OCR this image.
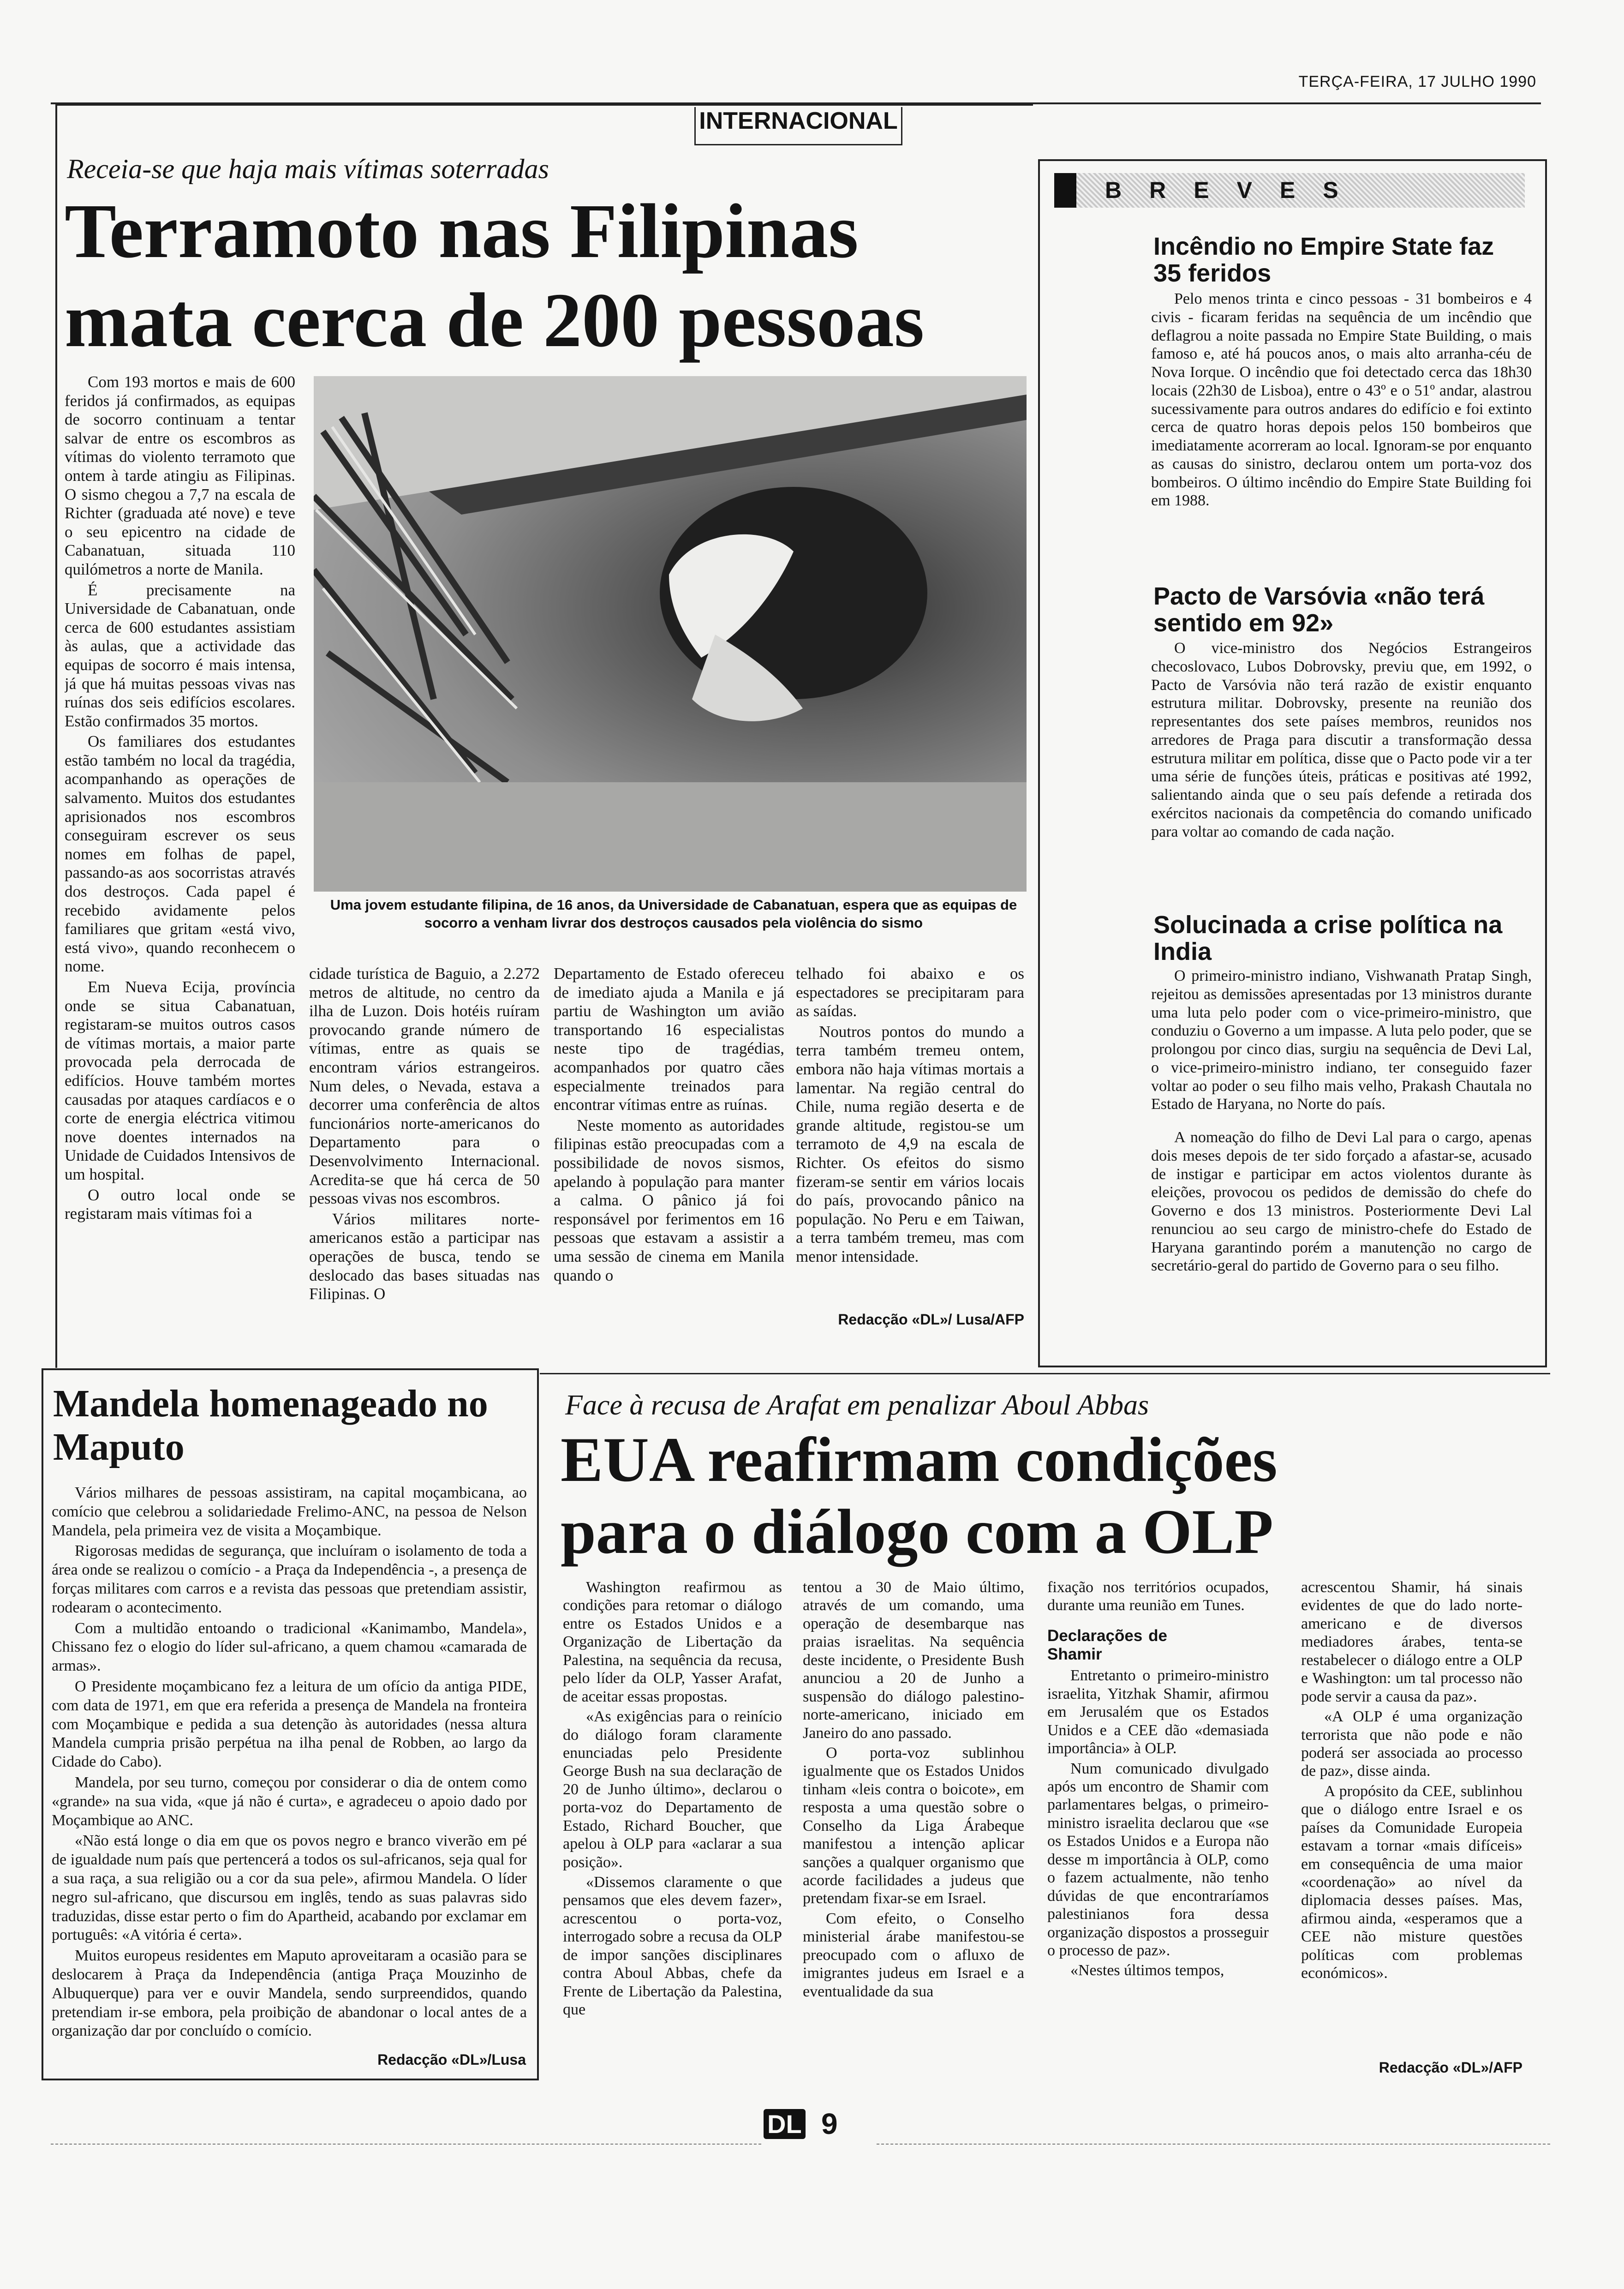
TERÇA-FEIRA, 17 JULHO 1990
INTERNACIONAL
Receia-se que haja mais vítimas soterradas
Terramoto nas Filipinas
mata cerca de 200 pessoas

Com 193 mortos e mais de 600 feridos já confirmados, as equipas de socorro continuam a tentar salvar de entre os escombros as vítimas do violento terramoto que ontem à tarde atingiu as Filipinas. O sismo chegou a 7,7 na escala de Richter (graduada até nove) e teve o seu epicentro na cidade de Cabanatuan, situada 110 quilómetros a norte de Manila.

É precisamente na Universidade de Cabanatuan, onde cerca de 600 estudantes assistiam às aulas, que a actividade das equipas de socorro é mais intensa, já que há muitas pessoas vivas nas ruínas dos seis edifícios escolares. Estão confirmados 35 mortos.

Os familiares dos estudantes estão também no local da tragédia, acompanhando as operações de salvamento. Muitos dos estudantes aprisionados nos escombros conseguiram escrever os seus nomes em folhas de papel, passando-as aos socorristas através dos destroços. Cada papel é recebido avidamente pelos familiares que gritam «está vivo, está vivo», quando reconhecem o nome.

Em Nueva Ecija, província onde se situa Cabanatuan, registaram-se muitos outros casos de vítimas mortais, a maior parte provocada pela derrocada de edifícios. Houve também mortes causadas por ataques cardíacos e o corte de energia eléctrica vitimou nove doentes internados na Unidade de Cuidados Intensivos de um hospital.

O outro local onde se registaram mais vítimas foi a

Uma jovem estudante filipina, de 16 anos, da Universidade de Cabanatuan, espera que as equipas de socorro a venham livrar dos destroços causados pela violência do sismo

cidade turística de Baguio, a 2.272 metros de altitude, no centro da ilha de Luzon. Dois hotéis ruíram provocando grande número de vítimas, entre as quais se encontram vários estrangeiros. Num deles, o Nevada, estava a decorrer uma conferência de altos funcionários norte-americanos do Departamento para o Desenvolvimento Internacional. Acredita-se que há cerca de 50 pessoas vivas nos escombros.

Vários militares norte-americanos estão a participar nas operações de busca, tendo se deslocado das bases situadas nas Filipinas. O

Departamento de Estado ofereceu de imediato ajuda a Manila e já partiu de Washington um avião transportando 16 especialistas neste tipo de tragédias, acompanhados por quatro cães especialmente treinados para encontrar vítimas entre as ruínas.

Neste momento as autoridades filipinas estão preocupadas com a possibilidade de novos sismos, apelando à população para manter a calma. O pânico já foi responsável por ferimentos em 16 pessoas que estavam a assistir a uma sessão de cinema em Manila quando o

telhado foi abaixo e os espectadores se precipitaram para as saídas.

Noutros pontos do mundo a terra também tremeu ontem, embora não haja vítimas mortais a lamentar. Na região central do Chile, numa região deserta e de grande altitude, registou-se um terramoto de 4,9 na escala de Richter. Os efeitos do sismo fizeram-se sentir em vários locais do país, provocando pânico na população. No Peru e em Taiwan, a terra também tremeu, mas com menor intensidade.

Redacção «DL»/ Lusa/AFP
BREVES
Incêndio no Empire State faz 35 feridos
Pelo menos trinta e cinco pessoas - 31 bombeiros e 4 civis - ficaram feridas na sequência de um incêndio que deflagrou a noite passada no Empire State Building, o mais famoso e, até há poucos anos, o mais alto arranha-céu de Nova Iorque. O incêndio que foi detectado cerca das 18h30 locais (22h30 de Lisboa), entre o 43º e o 51º andar, alastrou sucessivamente para outros andares do edifício e foi extinto cerca de quatro horas depois pelos 150 bombeiros que imediatamente acorreram ao local. Ignoram-se por enquanto as causas do sinistro, declarou ontem um porta-voz dos bombeiros. O último incêndio do Empire State Building foi em 1988.
Pacto de Varsóvia «não terá sentido em 92»
O vice-ministro dos Negócios Estrangeiros checoslovaco, Lubos Dobrovsky, previu que, em 1992, o Pacto de Varsóvia não terá razão de existir enquanto estrutura militar. Dobrovsky, presente na reunião dos representantes dos sete países membros, reunidos nos arredores de Praga para discutir a transformação dessa estrutura militar em política, disse que o Pacto pode vir a ter uma série de funções úteis, práticas e positivas até 1992, salientando ainda que o seu país defende a retirada dos exércitos nacionais da competência do comando unificado para voltar ao comando de cada nação.
Solucinada a crise política na India
O primeiro-ministro indiano, Vishwanath Pratap Singh, rejeitou as demissões apresentadas por 13 ministros durante uma luta pelo poder com o vice-primeiro-ministro, que conduziu o Governo a um impasse. A luta pelo poder, que se prolongou por cinco dias, surgiu na sequência de Devi Lal, o vice-primeiro-ministro indiano, ter conseguido fazer voltar ao poder o seu filho mais velho, Prakash Chautala no Estado de Haryana, no Norte do país.
A nomeação do filho de Devi Lal para o cargo, apenas dois meses depois de ter sido forçado a afastar-se, acusado de instigar e participar em actos violentos durante às eleições, provocou os pedidos de demissão do chefe do Governo e dos 13 ministros. Posteriormente Devi Lal renunciou ao seu cargo de ministro-chefe do Estado de Haryana garantindo porém a manutenção no cargo de secretário-geral do partido de Governo para o seu filho.
Mandela homenageado no Maputo

Vários milhares de pessoas assistiram, na capital moçambicana, ao comício que celebrou a solidariedade Frelimo-ANC, na pessoa de Nelson Mandela, pela primeira vez de visita a Moçambique.

Rigorosas medidas de segurança, que incluíram o isolamento de toda a área onde se realizou o comício - a Praça da Independência -, a presença de forças militares com carros e a revista das pessoas que pretendiam assistir, rodearam o acontecimento.

Com a multidão entoando o tradicional «Kanimambo, Mandela», Chissano fez o elogio do líder sul-africano, a quem chamou «camarada de armas».

O Presidente moçambicano fez a leitura de um ofício da antiga PIDE, com data de 1971, em que era referida a presença de Mandela na fronteira com Moçambique e pedida a sua detenção às autoridades (nessa altura Mandela cumpria prisão perpétua na ilha penal de Robben, ao largo da Cidade do Cabo).

Mandela, por seu turno, começou por considerar o dia de ontem como «grande» na sua vida, «que já não é curta», e agradeceu o apoio dado por Moçambique ao ANC.

«Não está longe o dia em que os povos negro e branco viverão em pé de igualdade num país que pertencerá a todos os sul-africanos, seja qual for a sua raça, a sua religião ou a cor da sua pele», afirmou Mandela. O líder negro sul-africano, que discursou em inglês, tendo as suas palavras sido traduzidas, disse estar perto o fim do Apartheid, acabando por exclamar em português: «A vitória é certa».

Muitos europeus residentes em Maputo aproveitaram a ocasião para se deslocarem à Praça da Independência (antiga Praça Mouzinho de Albuquerque) para ver e ouvir Mandela, sendo surpreendidos, quando pretendiam ir-se embora, pela proibição de abandonar o local antes de a organização dar por concluído o comício.

Redacção «DL»/Lusa
Face à recusa de Arafat em penalizar Aboul Abbas
EUA reafirmam condições
para o diálogo com a OLP

Washington reafirmou as condições para retomar o diálogo entre os Estados Unidos e a Organização de Libertação da Palestina, na sequência da recusa, pelo líder da OLP, Yasser Arafat, de aceitar essas propostas.

«As exigências para o reinício do diálogo foram claramente enunciadas pelo Presidente George Bush na sua declaração de 20 de Junho último», declarou o porta-voz do Departamento de Estado, Richard Boucher, que apelou à OLP para «aclarar a sua posição».

«Dissemos claramente o que pensamos que eles devem fazer», acrescentou o porta-voz, interrogado sobre a recusa da OLP de impor sanções disciplinares contra Aboul Abbas, chefe da Frente de Libertação da Palestina, que

tentou a 30 de Maio último, através de um comando, uma operação de desembarque nas praias israelitas. Na sequência deste incidente, o Presidente Bush anunciou a 20 de Junho a suspensão do diálogo palestino-norte-americano, iniciado em Janeiro do ano passado.

O porta-voz sublinhou igualmente que os Estados Unidos tinham «leis contra o boicote», em resposta a uma questão sobre o Conselho da Liga Árabeque manifestou a intenção aplicar sanções a qualquer organismo que acorde facilidades a judeus que pretendam fixar-se em Israel.

Com efeito, o Conselho ministerial árabe manifestou-se preocupado com o afluxo de imigrantes judeus em Israel e a eventualidade da sua

fixação nos territórios ocupados, durante uma reunião em Tunes.

Declarações de Shamir

Entretanto o primeiro-ministro israelita, Yitzhak Shamir, afirmou em Jerusalém que os Estados Unidos e a CEE dão «demasiada importância» à OLP.

Num comunicado divulgado após um encontro de Shamir com parlamentares belgas, o primeiro-ministro israelita declarou que «se os Estados Unidos e a Europa não desse m importância à OLP, como o fazem actualmente, não tenho dúvidas de que encontraríamos palestinianos fora dessa organização dispostos a prosseguir o processo de paz».

«Nestes últimos tempos,

acrescentou Shamir, há sinais evidentes de que do lado norte-americano e de diversos mediadores árabes, tenta-se restabelecer o diálogo entre a OLP e Washington: um tal processo não pode servir a causa da paz».

«A OLP é uma organização terrorista que não pode e não poderá ser associada ao processo de paz», disse ainda.

A propósito da CEE, sublinhou que o diálogo entre Israel e os países da Comunidade Europeia estavam a tornar «mais difíceis» em consequência de uma maior «coordenação» ao nível da diplomacia desses países. Mas, afirmou ainda, «esperamos que a CEE não misture questões políticas com problemas económicos».

Redacção «DL»/AFP
DL 9
